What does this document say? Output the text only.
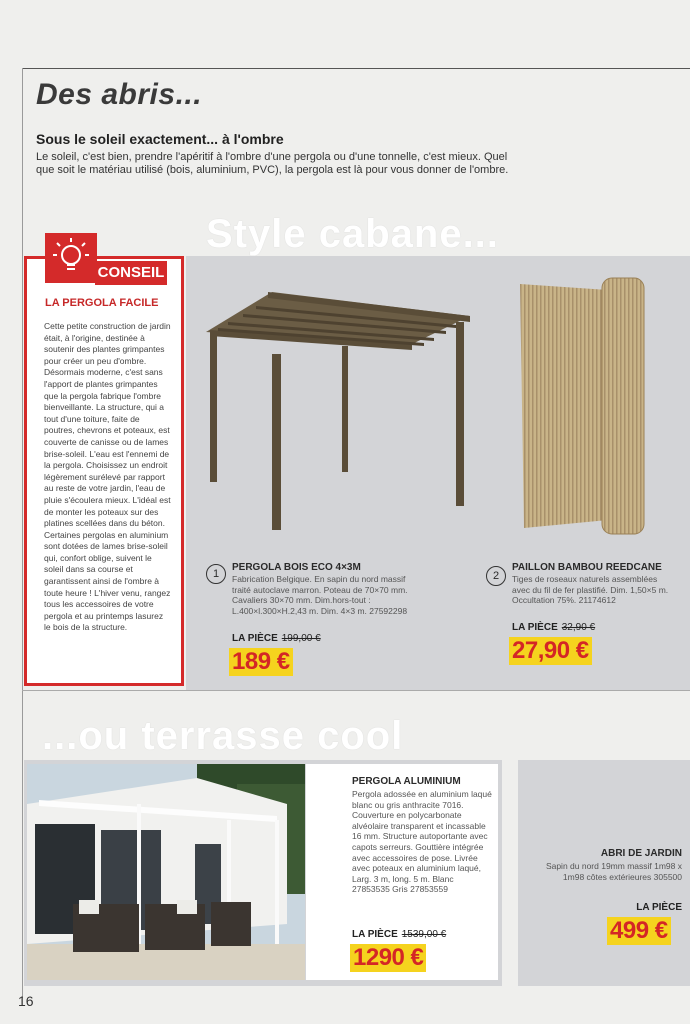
Des abris...
Sous le soleil exactement... à l'ombre
Le soleil, c'est bien, prendre l'apéritif à l'ombre d'une pergola ou d'une tonnelle, c'est mieux. Quel que soit le matériau utilisé (bois, aluminium, PVC), la pergola est là pour vous donner de l'ombre.
Style cabane...
CONSEIL
LA PERGOLA FACILE
Cette petite construction de jardin était, à l'origine, destinée à soutenir des plantes grimpantes pour créer un peu d'ombre. Désormais moderne, c'est sans l'apport de plantes grimpantes que la pergola fabrique l'ombre bienveillante. La structure, qui a tout d'une toiture, faite de poutres, chevrons et poteaux, est couverte de canisse ou de lames brise-soleil. L'eau est l'ennemi de la pergola. Choisissez un endroit légèrement surélevé par rapport au reste de votre jardin, l'eau de pluie s'écoulera mieux. L'idéal est de monter les poteaux sur des platines scellées dans du béton. Certaines pergolas en aluminium sont dotées de lames brise-soleil qui, confort oblige, suivent le soleil dans sa course et garantissent ainsi de l'ombre à toute heure ! L'hiver venu, rangez tous les accessoires de votre pergola et au printemps lasurez le bois de la structure.
1
PERGOLA BOIS ECO 4×3M
Fabrication Belgique. En sapin du nord massif traité autoclave marron. Poteau de 70×70 mm. Cavaliers 30×70 mm. Dim.hors-tout : L.400×l.300×H.2,43 m. Dim. 4×3 m. 27592298
LA PIÈCE 199,00 €
189 €
2
PAILLON BAMBOU REEDCANE
Tiges de roseaux naturels assemblées avec du fil de fer plastifié. Dim. 1,50×5 m. Occultation 75%. 21174612
LA PIÈCE 32,90 €
27,90 €
...ou terrasse cool
PERGOLA ALUMINIUM
Pergola adossée en aluminium laqué blanc ou gris anthracite 7016. Couverture en polycarbonate alvéolaire transparent et incassable 16 mm. Structure autoportante avec capots serreurs. Gouttière intégrée avec accessoires de pose. Livrée avec poteaux en aluminium laqué, Larg. 3 m, long. 5 m. Blanc 27853535 Gris 27853559
LA PIÈCE 1539,00 €
1290 €
ABRI DE JARDIN
Sapin du nord 19mm massif 1m98 x 1m98 côtes extérieures 305500
LA PIÈCE
499 €
16
